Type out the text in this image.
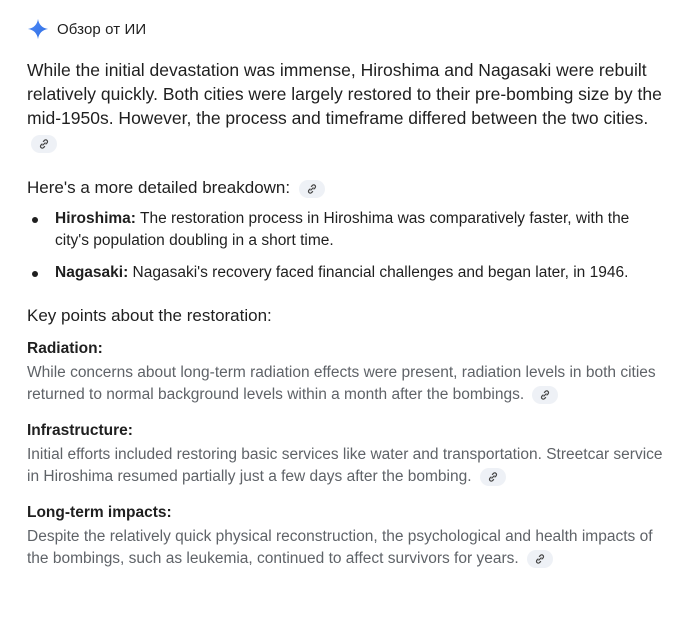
Обзор от ИИ
While the initial devastation was immense, Hiroshima and Nagasaki were rebuilt relatively quickly. Both cities were largely restored to their pre-bombing size by the mid-1950s. However, the process and timeframe differed between the two cities.
Here's a more detailed breakdown:
Hiroshima: The restoration process in Hiroshima was comparatively faster, with the city's population doubling in a short time.
Nagasaki: Nagasaki's recovery faced financial challenges and began later, in 1946.
Key points about the restoration:
Radiation:
While concerns about long-term radiation effects were present, radiation levels in both cities returned to normal background levels within a month after the bombings.
Infrastructure:
Initial efforts included restoring basic services like water and transportation. Streetcar service in Hiroshima resumed partially just a few days after the bombing.
Long-term impacts:
Despite the relatively quick physical reconstruction, the psychological and health impacts of the bombings, such as leukemia, continued to affect survivors for years.
